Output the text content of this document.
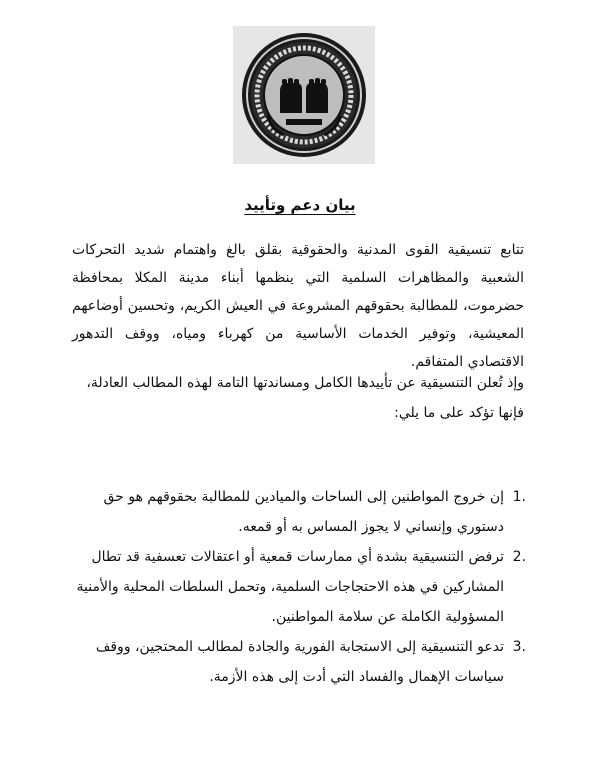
بيان دعم وتأييد

تتابع تنسيقية القوى المدنية والحقوقية بقلق بالغ واهتمام شديد التحركات الشعبية والمظاهرات السلمية التي ينظمها أبناء مدينة المكلا بمحافظة حضرموت، للمطالبة بحقوقهم المشروعة في العيش الكريم، وتحسين أوضاعهم المعيشية، وتوفير الخدمات الأساسية من كهرباء ومياه، ووقف التدهور الاقتصادي المتفاقم.

وإذ تُعلن التنسيقية عن تأييدها الكامل ومساندتها التامة لهذه المطالب العادلة، فإنها تؤكد على ما يلي:

1.
إن خروج المواطنين إلى الساحات والميادين للمطالبة بحقوقهم هو حق دستوري وإنساني لا يجوز المساس به أو قمعه.
2.
ترفض التنسيقية بشدة أي ممارسات قمعية أو اعتقالات تعسفية قد تطال المشاركين في هذه الاحتجاجات السلمية، وتحمل السلطات المحلية والأمنية المسؤولية الكاملة عن سلامة المواطنين.
3.
تدعو التنسيقية إلى الاستجابة الفورية والجادة لمطالب المحتجين، ووقف سياسات الإهمال والفساد التي أدت إلى هذه الأزمة.
